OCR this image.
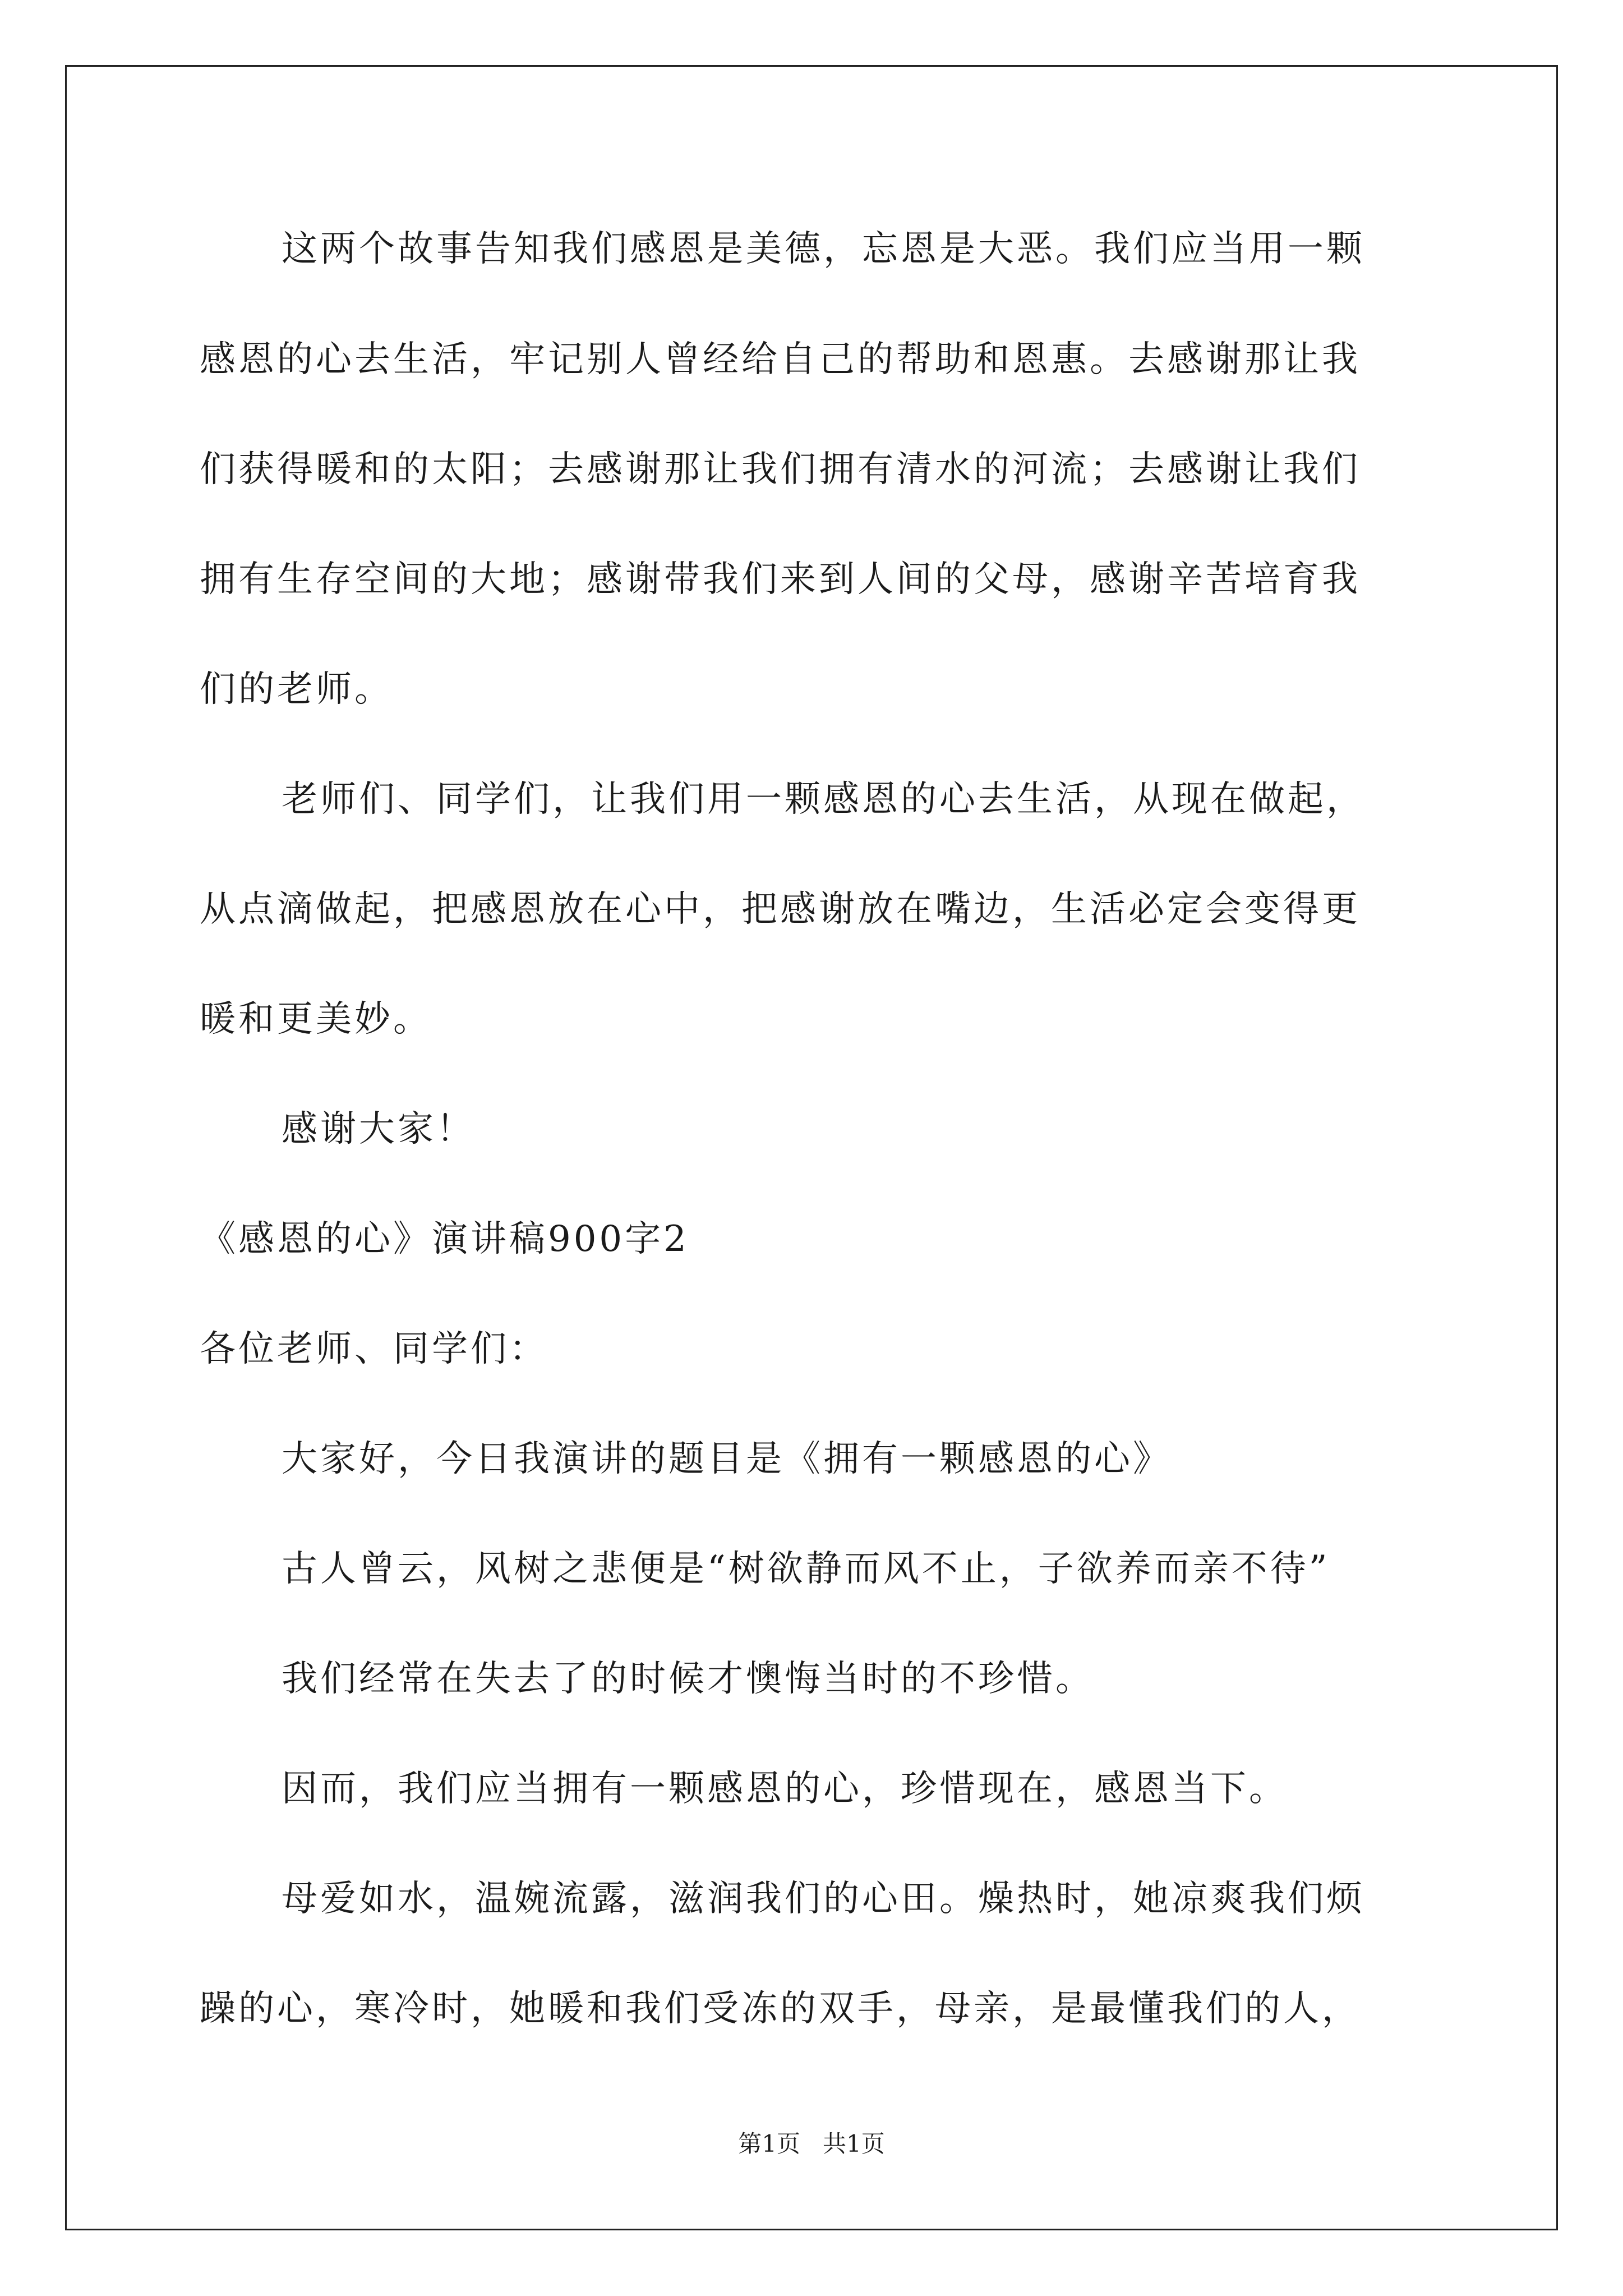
这两个故事告知我们感恩是美德，忘恩是大恶。我们应当用一颗
感恩的心去生活，牢记别人曾经给自己的帮助和恩惠。去感谢那让我
们获得暖和的太阳；去感谢那让我们拥有清水的河流；去感谢让我们
拥有生存空间的大地；感谢带我们来到人间的父母，感谢辛苦培育我
们的老师。
老师们、同学们，让我们用一颗感恩的心去生活，从现在做起，
从点滴做起，把感恩放在心中，把感谢放在嘴边，生活必定会变得更
暖和更美妙。
感谢大家！
《感恩的心》演讲稿900字2
各位老师、同学们：
大家好，今日我演讲的题目是《拥有一颗感恩的心》
古人曾云，风树之悲便是“树欲静而风不止，子欲养而亲不待”
我们经常在失去了的时候才懊悔当时的不珍惜。
因而，我们应当拥有一颗感恩的心，珍惜现在，感恩当下。
母爱如水，温婉流露，滋润我们的心田。燥热时，她凉爽我们烦
躁的心，寒冷时，她暖和我们受冻的双手，母亲，是最懂我们的人，
第1页   共1页
